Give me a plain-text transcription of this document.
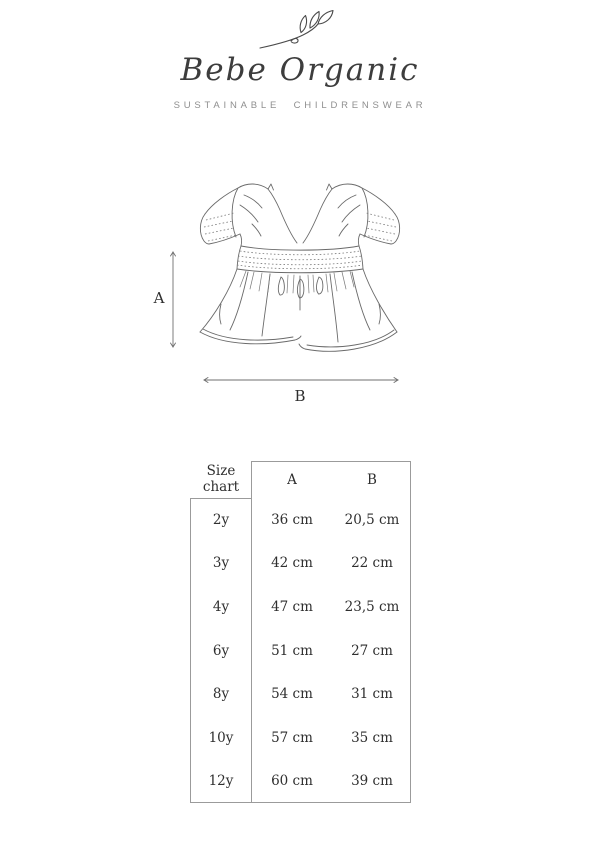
Bebe Organic
SUSTAINABLE CHILDRENSWEAR
A
B
Size chart	A	B
2y	36 cm	20,5 cm
3y	42 cm	22 cm
4y	47 cm	23,5 cm
6y	51 cm	27 cm
8y	54 cm	31 cm
10y	57 cm	35 cm
12y	60 cm	39 cm
